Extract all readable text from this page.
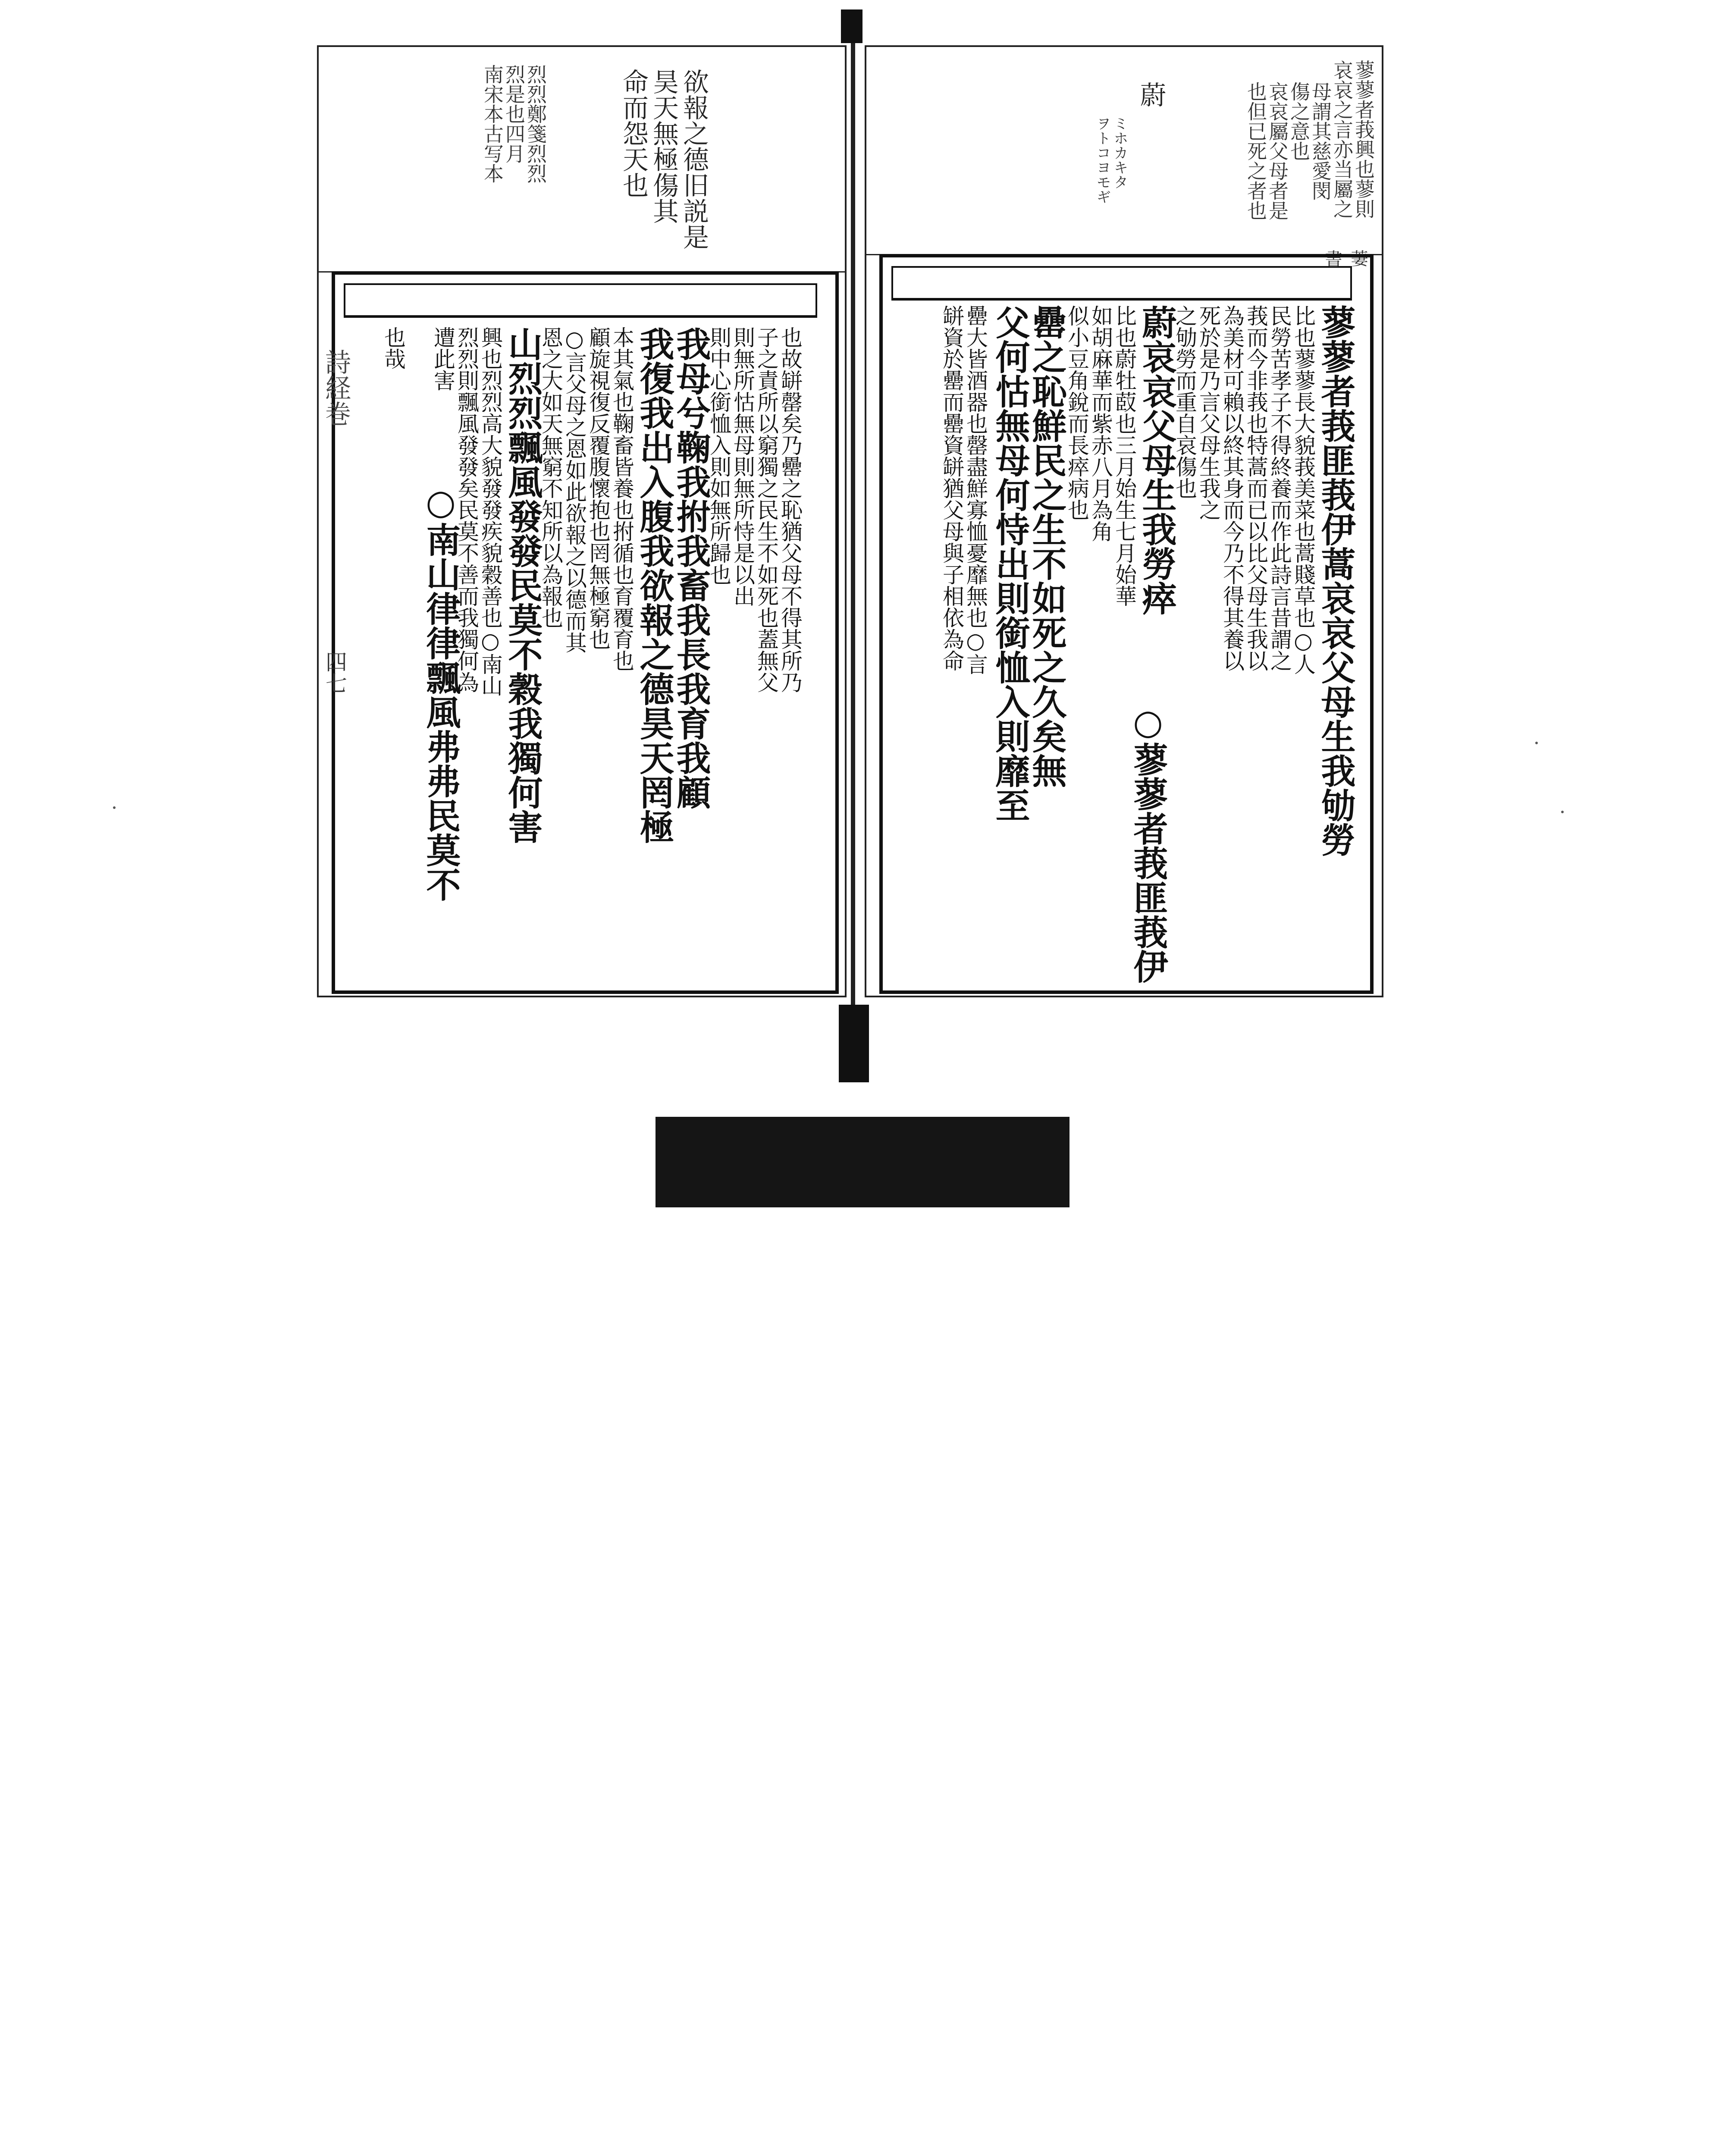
欲報之德旧説是
昊天無極傷其
命而怨天也
烈烈鄭箋烈烈
烈是也四月
南宋本古写本
也故缾罄矣乃罍之恥猶父母不得其所乃
子之責所以窮獨之民生不如死也蓋無父
則無所怙無母則無所恃是以出
則中心銜恤入則如無所歸也
我母兮鞠我拊我畜我長我育我顧
我復我出入腹我欲報之德昊天罔極
本其氣也鞠畜皆養也拊循也育覆育也
顧旋視復反覆腹懷抱也罔無極窮也
○言父母之恩如此欲報之以德而其
恩之大如天無窮不知所以為報也
山烈烈飄風發發民莫不穀我獨何害
興也烈烈高大貌發發疾貌穀善也○南山
烈烈則飄風發發矣民莫不善而我獨何為
遭此害
○南山律律飄風弗弗民莫不
也哉
詩経巻
四七
蓼蓼者莪興也蓼則
哀哀之言亦当屬之
母謂其慈愛閔
傷之意也
哀哀屬父母者是
也但已死之者也
蔚
ミホカキタ
ヲトコヨモギ
書 萋
蓼蓼者莪匪莪伊蒿哀哀父母生我劬勞
比也蓼蓼長大貌莪美菜也蒿賤草也○人
民勞苦孝子不得終養而作此詩言昔謂之
莪而今非莪也特蒿而已以比父母生我以
為美材可賴以終其身而今乃不得其養以
死於是乃言父母生我之
之劬勞而重自哀傷也
蔚哀哀父母生我勞瘁
比也蔚牡菣也三月始生七月始華
如胡麻華而紫赤八月為角
似小豆角銳而長瘁病也
○蓼蓼者莪匪莪伊
罍之恥鮮民之生不如死之久矣無
父何怙無母何恃出則銜恤入則靡至
罍大皆酒器也罄盡鮮寡恤憂靡無也○言
缾資於罍而罍資缾猶父母與子相依為命
